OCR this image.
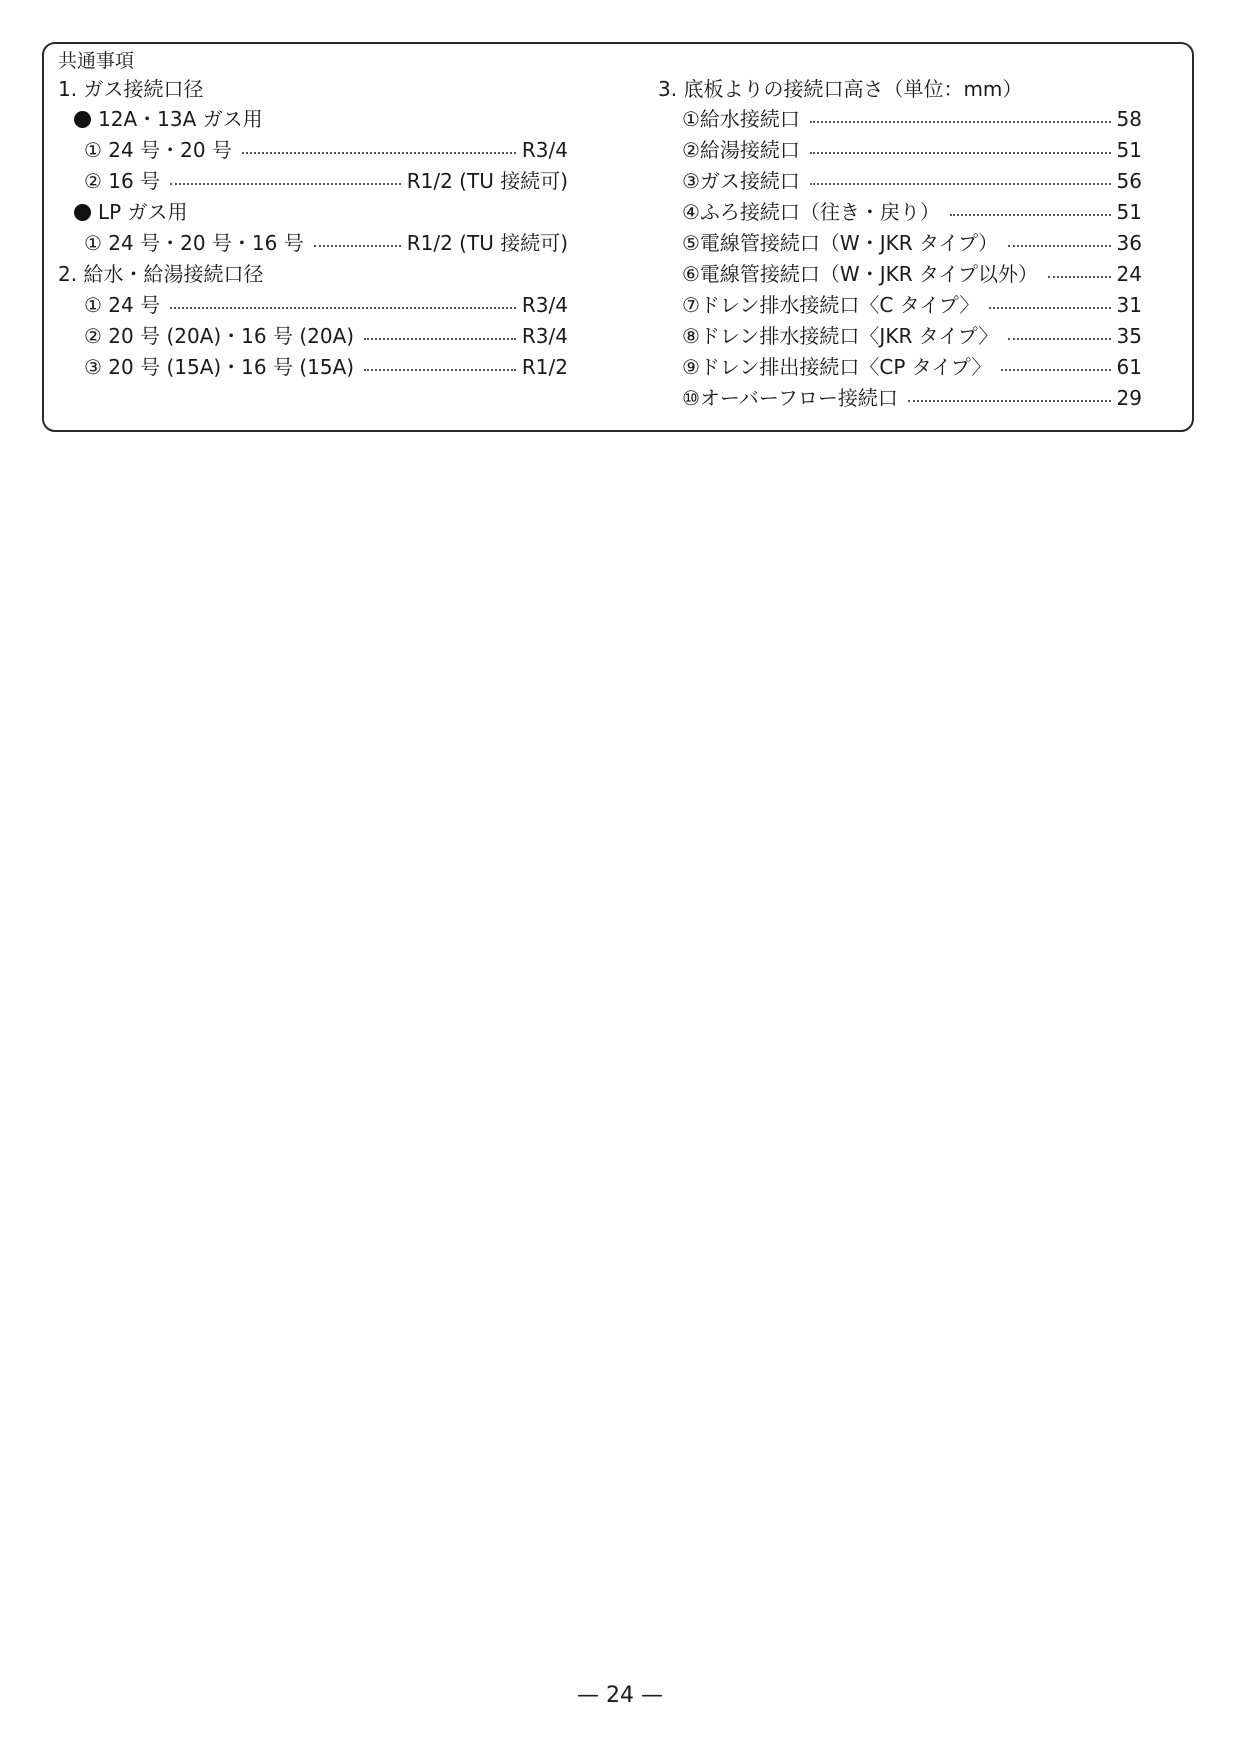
共通事項
1. ガス接続口径
12A・13A ガス用
① 24 号・20 号	R3/4
② 16 号	R1/2 (TU 接続可)
LP ガス用
① 24 号・20 号・16 号	R1/2 (TU 接続可)
2. 給水・給湯接続口径
① 24 号	R3/4
② 20 号 (20A)・16 号 (20A)	R3/4
③ 20 号 (15A)・16 号 (15A)	R1/2
3. 底板よりの接続口高さ（単位：mm）
①給水接続口	58
②給湯接続口	51
③ガス接続口	56
④ふろ接続口（往き・戻り）	51
⑤電線管接続口（W・JKR タイプ）	36
⑥電線管接続口（W・JKR タイプ以外）	24
⑦ドレン排水接続口〈C タイプ〉	31
⑧ドレン排水接続口〈JKR タイプ〉	35
⑨ドレン排出接続口〈CP タイプ〉	61
⑩オーバーフロー接続口	29
— 24 —
